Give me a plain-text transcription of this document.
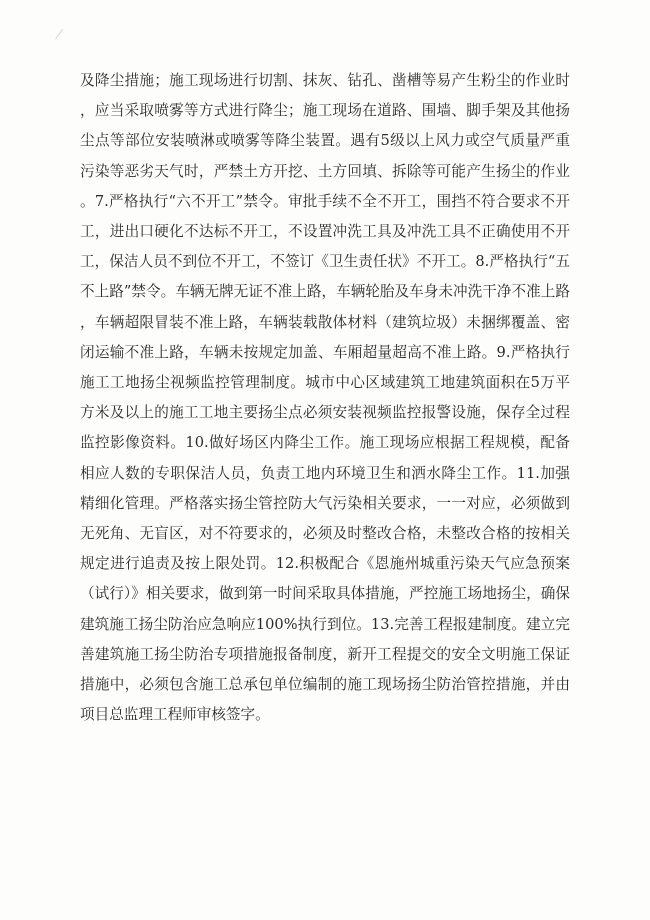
及降尘措施；施工现场进行切割、抹灰、钻孔、凿槽等易产生粉尘的作业时，应当采取喷雾等方式进行降尘；施工现场在道路、围墙、脚手架及其他扬尘点等部位安装喷淋或喷雾等降尘装置。遇有5级以上风力或空气质量严重污染等恶劣天气时，严禁土方开挖、土方回填、拆除等可能产生扬尘的作业。7.严格执行“六不开工”禁令。审批手续不全不开工，围挡不符合要求不开工，进出口硬化不达标不开工，不设置冲洗工具及冲洗工具不正确使用不开工，保洁人员不到位不开工，不签订《卫生责任状》不开工。8.严格执行“五不上路”禁令。车辆无牌无证不准上路，车辆轮胎及车身未冲洗干净不准上路，车辆超限冒装不准上路，车辆装载散体材料（建筑垃圾）未捆绑覆盖、密闭运输不准上路，车辆未按规定加盖、车厢超量超高不准上路。9.严格执行施工工地扬尘视频监控管理制度。城市中心区域建筑工地建筑面积在5万平方米及以上的施工工地主要扬尘点必须安装视频监控报警设施，保存全过程监控影像资料。10.做好场区内降尘工作。施工现场应根据工程规模，配备相应人数的专职保洁人员，负责工地内环境卫生和洒水降尘工作。11.加强精细化管理。严格落实扬尘管控防大气污染相关要求，一一对应，必须做到无死角、无盲区，对不符要求的，必须及时整改合格，未整改合格的按相关规定进行追责及按上限处罚。12.积极配合《恩施州城重污染天气应急预案（试行）》相关要求，做到第一时间采取具体措施，严控施工场地扬尘，确保建筑施工扬尘防治应急响应100%执行到位。13.完善工程报建制度。建立完善建筑施工扬尘防治专项措施报备制度，新开工程提交的安全文明施工保证措施中，必须包含施工总承包单位编制的施工现场扬尘防治管控措施，并由项目总监理工程师审核签字。
